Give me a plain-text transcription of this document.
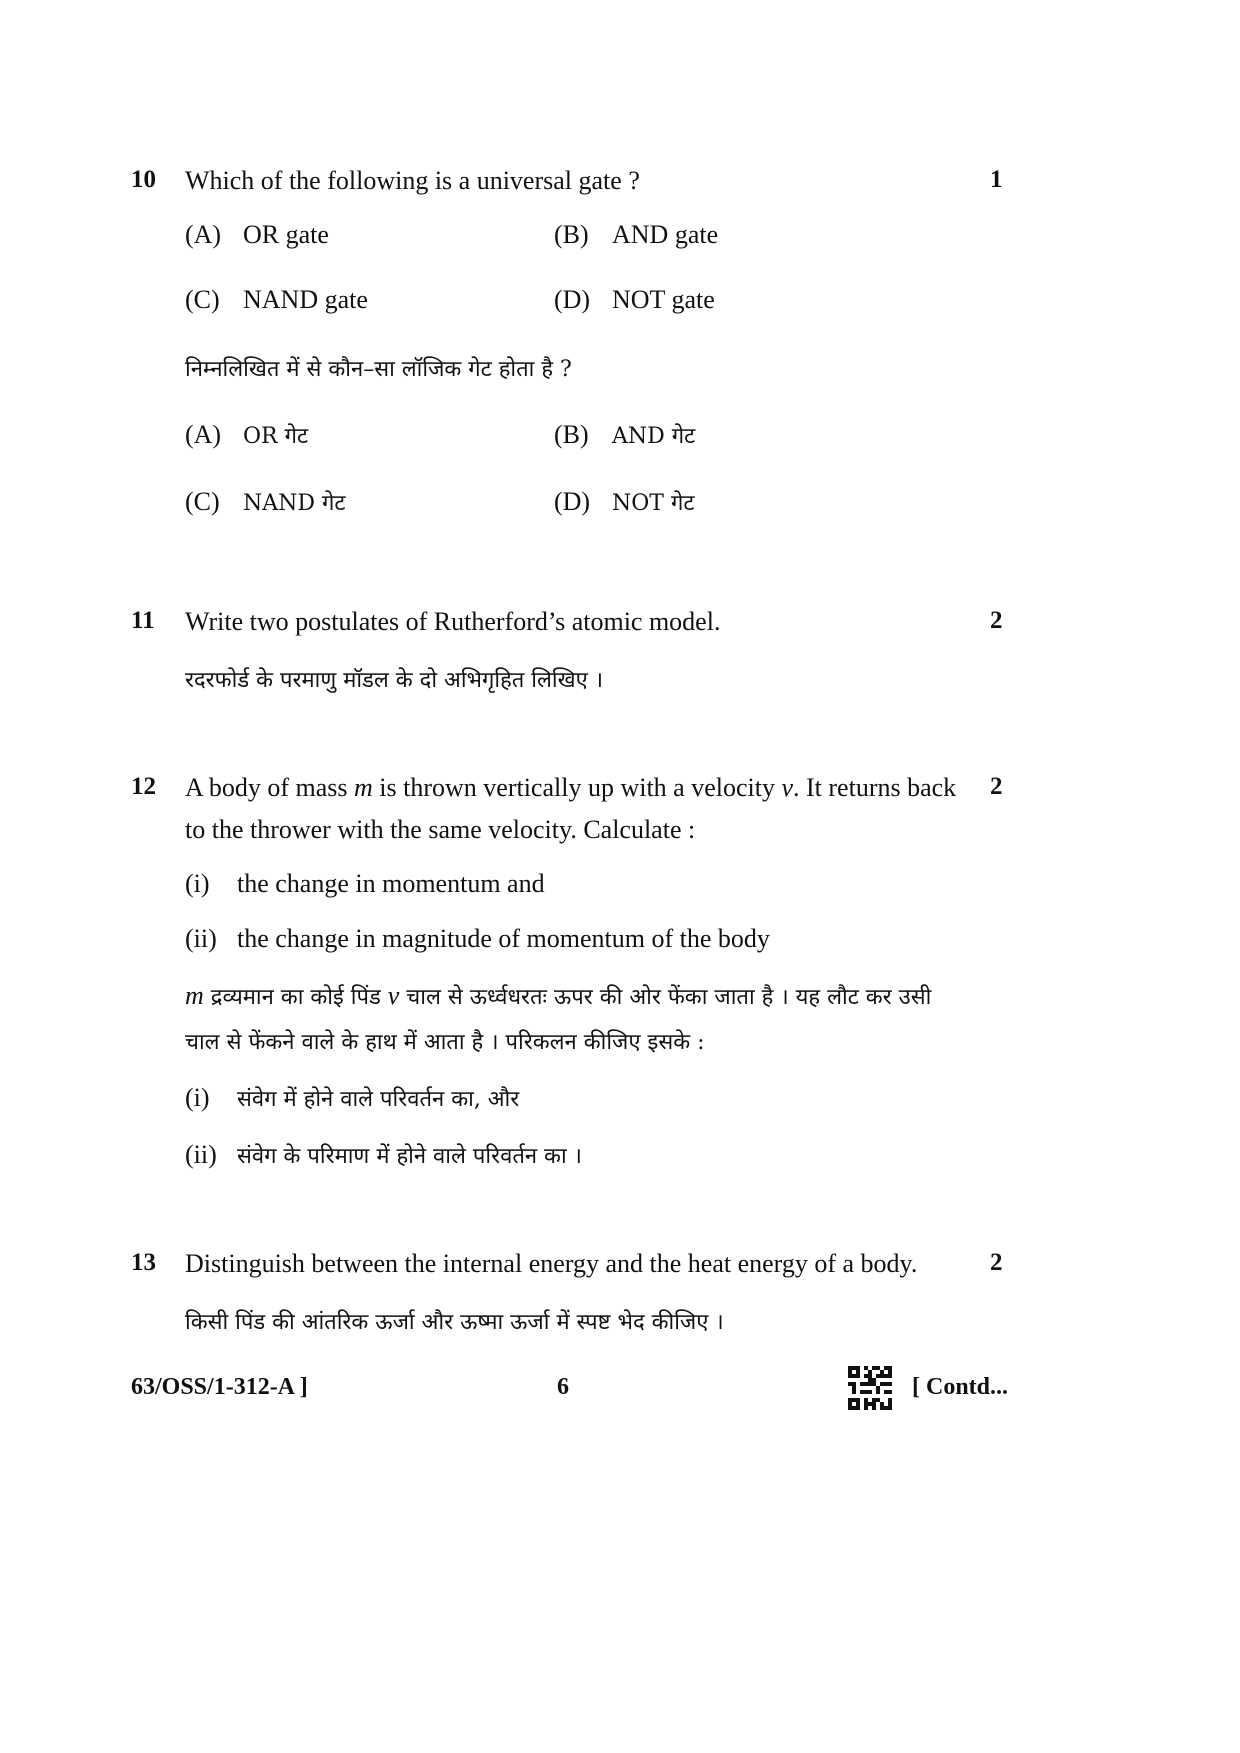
10 Which of the following is a universal gate ?	1
(A) OR gate	(B) AND gate
(C) NAND gate	(D) NOT gate
निम्नलिखित में से कौन–सा लॉजिक गेट होता है ?
(A) OR गेट	(B) AND गेट
(C) NAND गेट	(D) NOT गेट
11 Write two postulates of Rutherford’s atomic model.	2
रदरफोर्ड के परमाणु मॉडल के दो अभिगृहित लिखिए ।
12 A body of mass m is thrown vertically up with a velocity v. It returns back 2
to the thrower with the same velocity. Calculate :
(i) the change in momentum and
(ii) the change in magnitude of momentum of the body
m द्रव्यमान का कोई पिंड v चाल से ऊर्ध्वधरतः ऊपर की ओर फेंका जाता है । यह लौट कर उसी
चाल से फेंकने वाले के हाथ में आता है । परिकलन कीजिए इसके :
(i) संवेग में होने वाले परिवर्तन का, और
(ii) संवेग के परिमाण में होने वाले परिवर्तन का ।
13 Distinguish between the internal energy and the heat energy of a body.	2
किसी पिंड की आंतरिक ऊर्जा और ऊष्मा ऊर्जा में स्पष्ट भेद कीजिए ।
63/OSS/1-312-A ]	6	[ Contd...
